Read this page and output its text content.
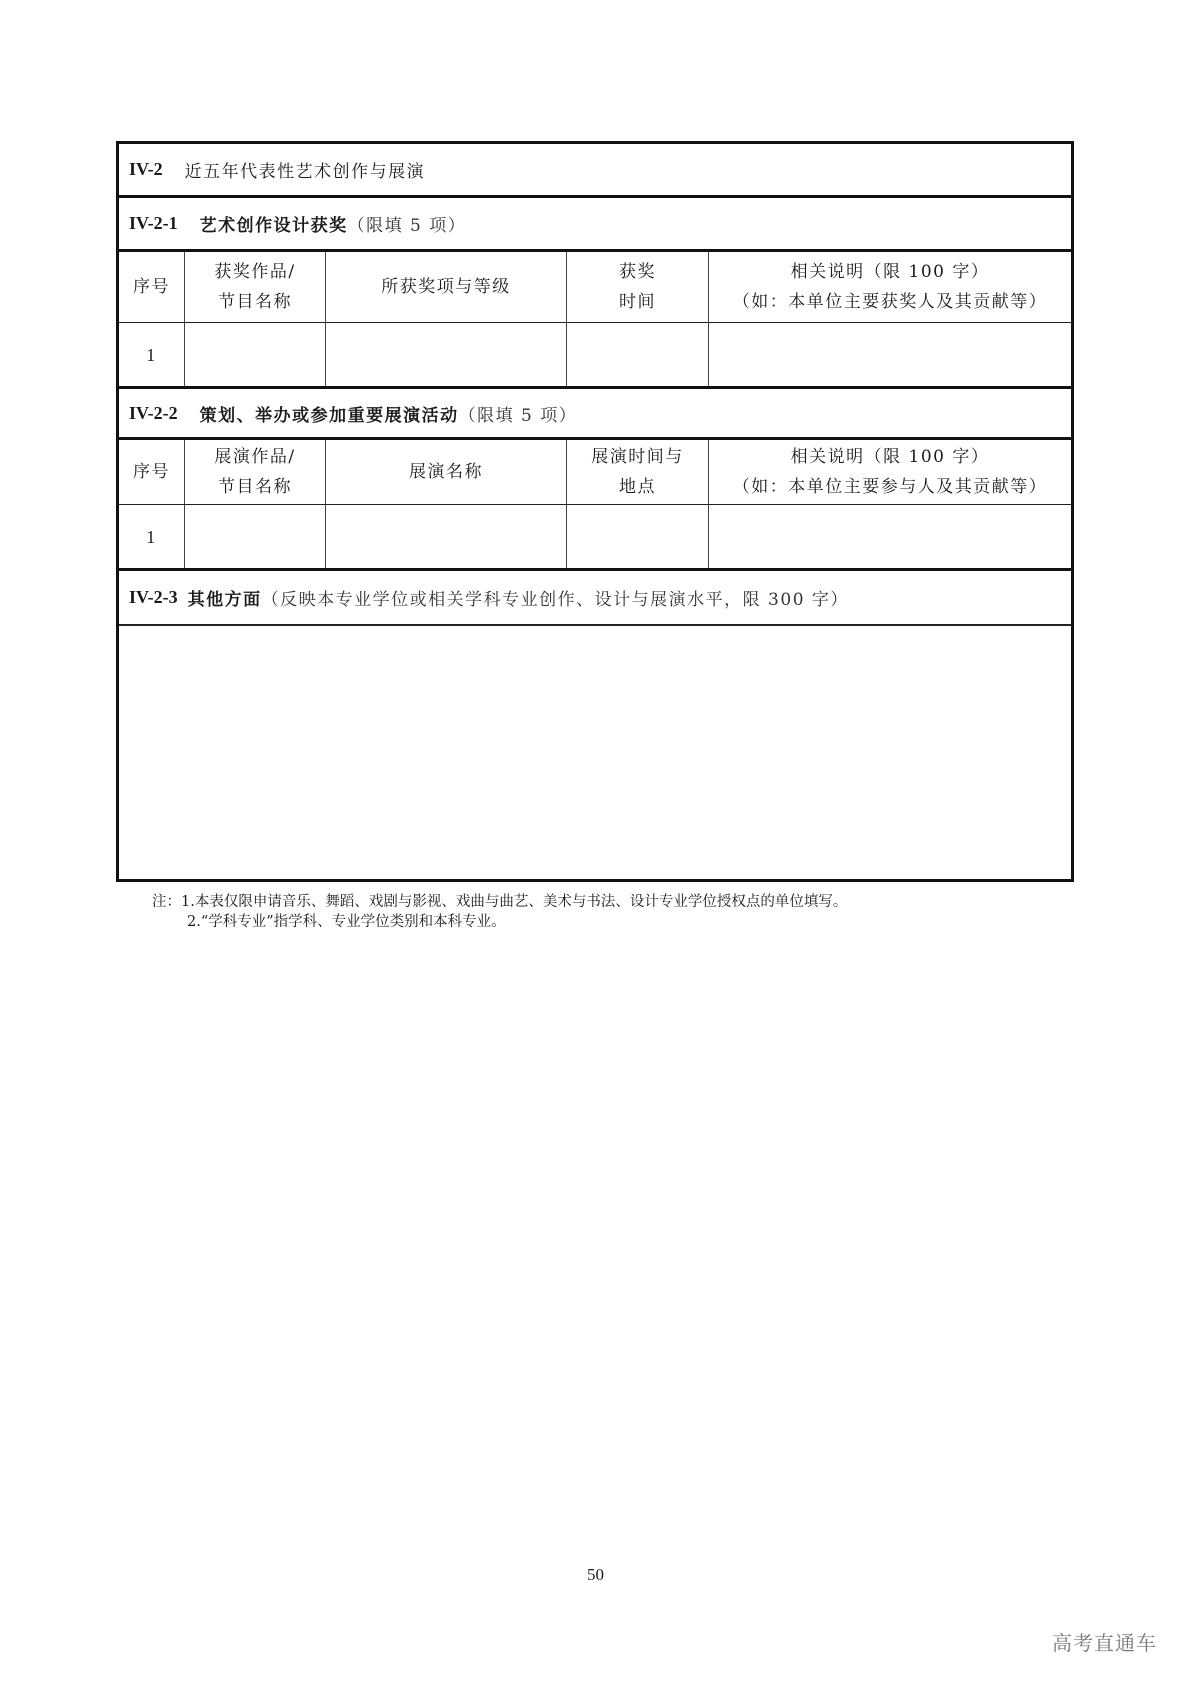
IV-2 近五年代表性艺术创作与展演
IV-2-1 艺术创作设计获奖 （限填 5 项）
序号
获奖作品/
节目名称
所获奖项与等级
获奖
时间
相关说明（限 100 字）
（如：本单位主要获奖人及其贡献等）
1
IV-2-2 策划、举办或参加重要展演活动 （限填 5 项）
序号
展演作品/
节目名称
展演名称
展演时间与
地点
相关说明（限 100 字）
（如：本单位主要参与人及其贡献等）
1
IV-2-3 其他方面 （反映本专业学位或相关学科专业创作、设计与展演水平，限 300 字）
注：1.本表仅限申请音乐、舞蹈、戏剧与影视、戏曲与曲艺、美术与书法、设计专业学位授权点的单位填写。
2.“学科专业”指学科、专业学位类别和本科专业。
50
高考直通车
